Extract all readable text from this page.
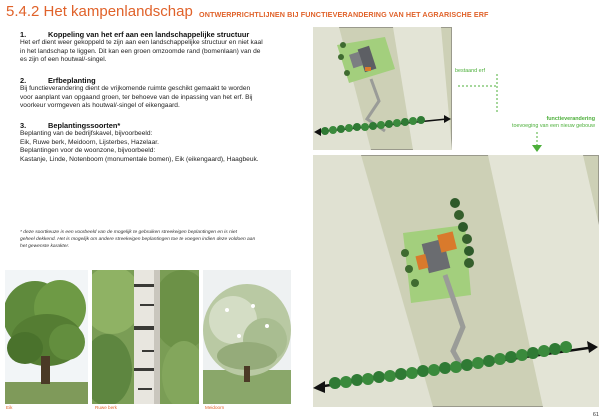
5.4.2 Het kampenlandschap ONTWERPRICHTLIJNEN BIJ FUNCTIEVERANDERING VAN HET AGRARISCHE ERF
1.	Koppeling van het erf aan een landschappelijke structuur
Het erf dient weer gekoppeld te zijn aan een landschappelijke structuur en niet kaal
in het landschap te liggen. Dit kan een groen omzoomde rand (bomenlaan) van de
es zijn of een houtwal/-singel.
2.	Erfbeplanting
Bij functieverandering dient de vrijkomende ruimte geschikt gemaakt te worden
voor aanplant van opgaand groen, ter behoeve van de inpassing van het erf. Bij
voorkeur vormgeven als houtwal/-singel of eikengaard.
3.	Beplantingssoorten*
Beplanting van de bedrijfskavel, bijvoorbeeld:
Eik, Ruwe berk, Meidoorn, Lijsterbes, Hazelaar.
Beplantingen voor de woonzone, bijvoorbeeld:
Kastanje, Linde, Notenboom (monumentale bomen), Eik (eikengaard), Haagbeuk.
* deze soortkeuze is een voorbeeld van de mogelijk te gebruiken streekeigen beplantingen en is niet
geheel dekkend. Het is mogelijk om andere streekeigen beplantingen toe te voegen indien deze voldoen aan
het gewenste karakter.
Eik	Ruwe berk	Meidoorn
bestaand erf
functieverandering
toevoeging van een nieuw gebouw
61
